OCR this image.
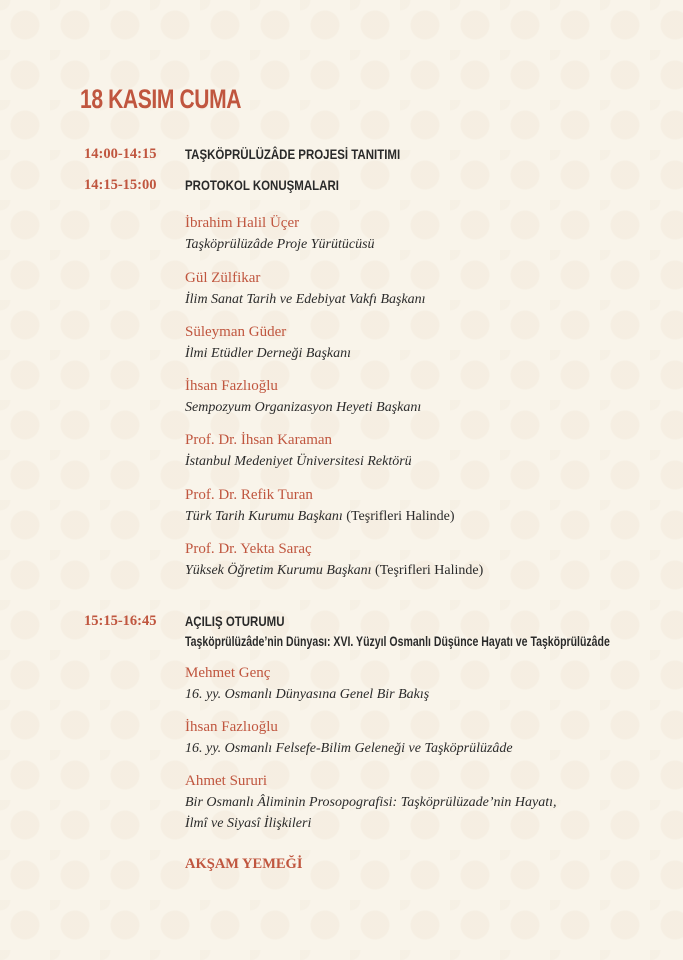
18 KASIM CUMA
14:00-14:15 TAŞKÖPRÜLÜZÂDE PROJESİ TANITIMI
14:15-15:00 PROTOKOL KONUŞMALARI
İbrahim Halil Üçer
Taşköprülüzâde Proje Yürütücüsü
Gül Zülfikar
İlim Sanat Tarih ve Edebiyat Vakfı Başkanı
Süleyman Güder
İlmi Etüdler Derneği Başkanı
İhsan Fazlıoğlu
Sempozyum Organizasyon Heyeti Başkanı
Prof. Dr. İhsan Karaman
İstanbul Medeniyet Üniversitesi Rektörü
Prof. Dr. Refik Turan
Türk Tarih Kurumu Başkanı (Teşrifleri Halinde)
Prof. Dr. Yekta Saraç
Yüksek Öğretim Kurumu Başkanı (Teşrifleri Halinde)
15:15-16:45 AÇILIŞ OTURUMU
Taşköprülüzâde’nin Dünyası: XVI. Yüzyıl Osmanlı Düşünce Hayatı ve Taşköprülüzâde
Mehmet Genç
16. yy. Osmanlı Dünyasına Genel Bir Bakış
İhsan Fazlıoğlu
16. yy. Osmanlı Felsefe-Bilim Geleneği ve Taşköprülüzâde
Ahmet Sururi
Bir Osmanlı Âliminin Prosopografisi: Taşköprülüzade’nin Hayatı,
İlmî ve Siyasî İlişkileri
AKŞAM YEMEĞİ
